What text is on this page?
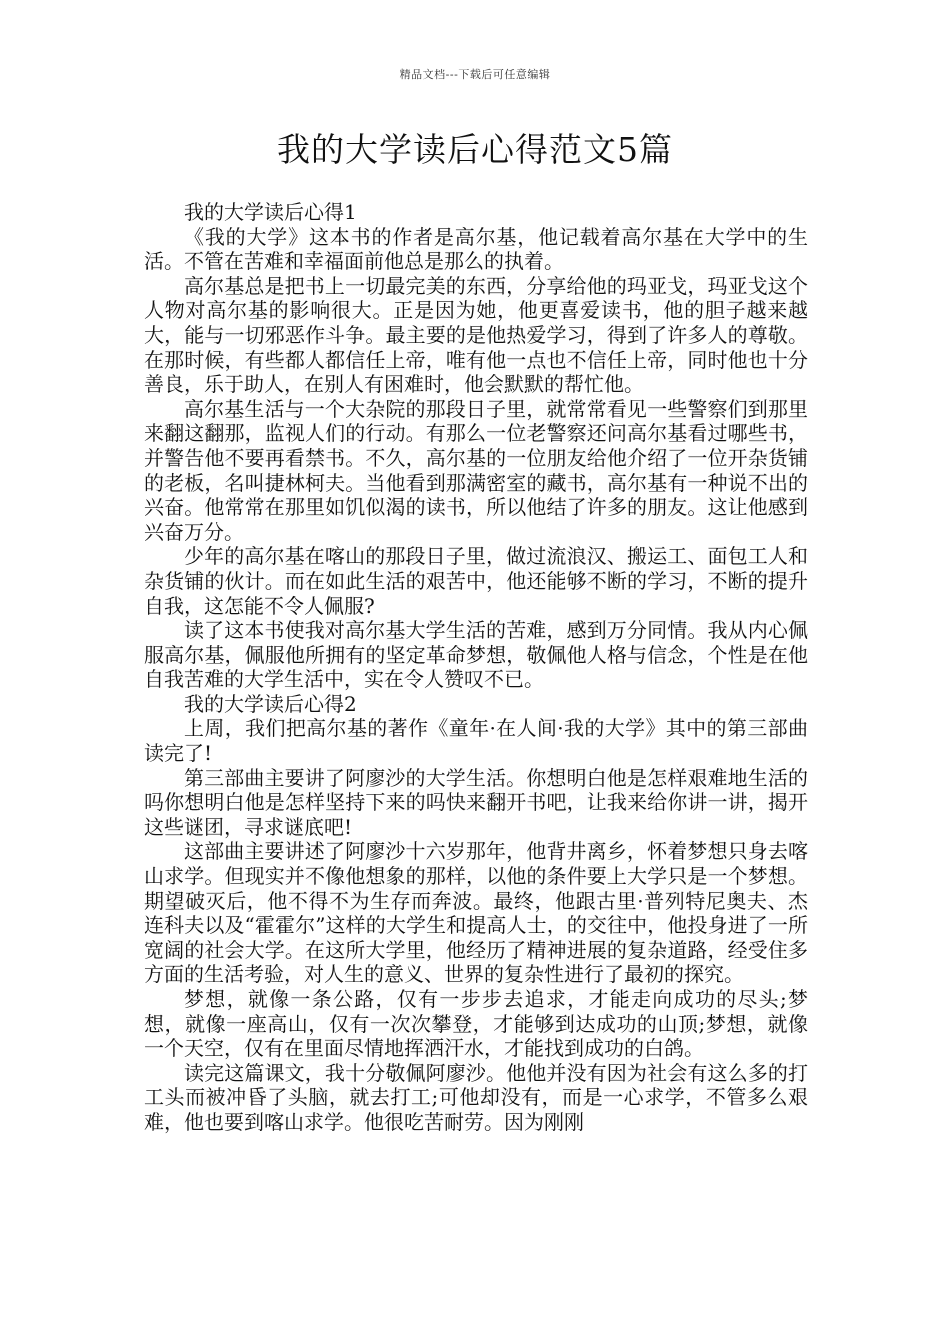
精品文档---下载后可任意编辑
我的大学读后心得范文5篇

我的大学读后心得1

《我的大学》这本书的作者是高尔基，他记载着高尔基在大学中的生活。不管在苦难和幸福面前他总是那么的执着。

高尔基总是把书上一切最完美的东西，分享给他的玛亚戈，玛亚戈这个人物对高尔基的影响很大。正是因为她，他更喜爱读书，他的胆子越来越大，能与一切邪恶作斗争。最主要的是他热爱学习，得到了许多人的尊敬。在那时候，有些都人都信任上帝，唯有他一点也不信任上帝，同时他也十分善良，乐于助人，在别人有困难时，他会默默的帮忙他。

高尔基生活与一个大杂院的那段日子里，就常常看见一些警察们到那里来翻这翻那，监视人们的行动。有那么一位老警察还问高尔基看过哪些书，并警告他不要再看禁书。不久，高尔基的一位朋友给他介绍了一位开杂货铺的老板，名叫捷林柯夫。当他看到那满密室的藏书，高尔基有一种说不出的兴奋。他常常在那里如饥似渴的读书，所以他结了许多的朋友。这让他感到兴奋万分。

少年的高尔基在喀山的那段日子里，做过流浪汉、搬运工、面包工人和杂货铺的伙计。而在如此生活的艰苦中，他还能够不断的学习，不断的提升自我，这怎能不令人佩服?

读了这本书使我对高尔基大学生活的苦难，感到万分同情。我从内心佩服高尔基，佩服他所拥有的坚定革命梦想，敬佩他人格与信念，个性是在他自我苦难的大学生活中，实在令人赞叹不已。

我的大学读后心得2

上周，我们把高尔基的著作《童年·在人间·我的大学》其中的第三部曲读完了!

第三部曲主要讲了阿廖沙的大学生活。你想明白他是怎样艰难地生活的吗你想明白他是怎样坚持下来的吗快来翻开书吧，让我来给你讲一讲，揭开这些谜团，寻求谜底吧!

这部曲主要讲述了阿廖沙十六岁那年，他背井离乡，怀着梦想只身去喀山求学。但现实并不像他想象的那样，以他的条件要上大学只是一个梦想。期望破灭后，他不得不为生存而奔波。最终，他跟古里·普列特尼奥夫、杰连科夫以及“霍霍尔”这样的大学生和提高人士，的交往中，他投身进了一所宽阔的社会大学。在这所大学里，他经历了精神进展的复杂道路，经受住多方面的生活考验，对人生的意义、世界的复杂性进行了最初的探究。

梦想，就像一条公路，仅有一步步去追求，才能走向成功的尽头;梦想，就像一座高山，仅有一次次攀登，才能够到达成功的山顶;梦想，就像一个天空，仅有在里面尽情地挥洒汗水，才能找到成功的白鸽。

读完这篇课文，我十分敬佩阿廖沙。他他并没有因为社会有这么多的打工头而被冲昏了头脑，就去打工;可他却没有，而是一心求学，不管多么艰难，他也要到喀山求学。他很吃苦耐劳。因为刚刚
